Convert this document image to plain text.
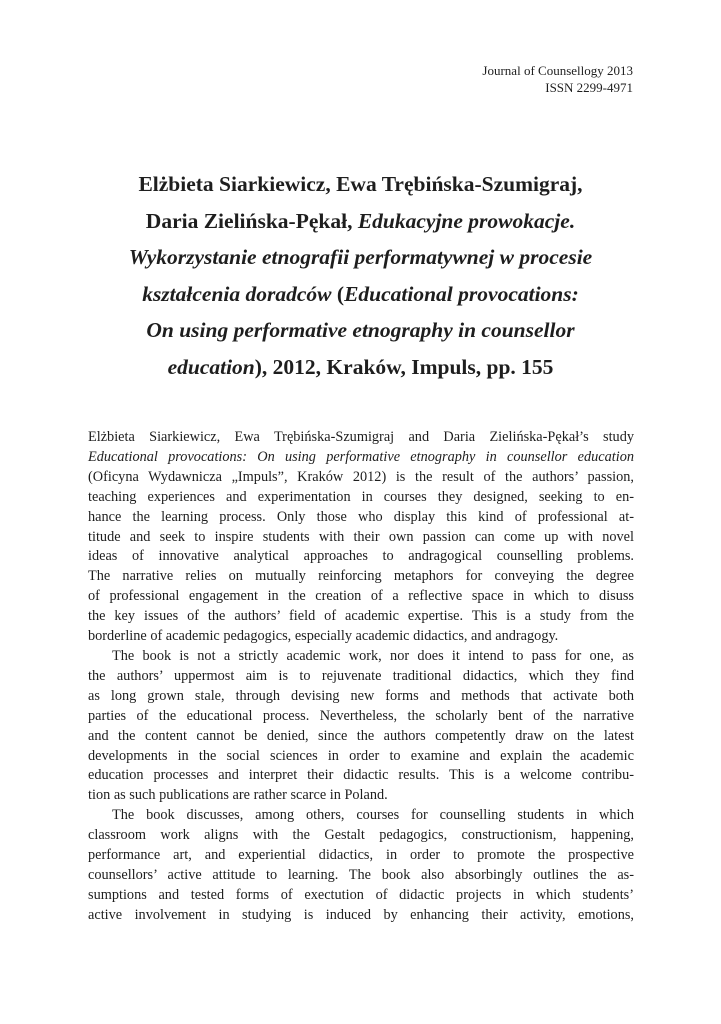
Journal of Counsellogy 2013
ISSN 2299-4971
Elżbieta Siarkiewicz, Ewa Trębińska-Szumigraj,
Daria Zielińska-Pękał, Edukacyjne prowokacje.
Wykorzystanie etnografii performatywnej w procesie
kształcenia doradców (Educational provocations:
On using performative etnography in counsellor
education), 2012, Kraków, Impuls, pp. 155
Elżbieta Siarkiewicz, Ewa Trębińska-Szumigraj and Daria Zielińska-Pękał’s study
Educational provocations: On using performative etnography in counsellor education
(Oficyna Wydawnicza „Impuls”, Kraków 2012) is the result of the authors’ passion,
teaching experiences and experimentation in courses they designed, seeking to en-
hance the learning process. Only those who display this kind of professional at-
titude and seek to inspire students with their own passion can come up with novel
ideas of innovative analytical approaches to andragogical counselling problems.
The narrative relies on mutually reinforcing metaphors for conveying the degree
of professional engagement in the creation of a reflective space in which to disuss
the key issues of the authors’ field of academic expertise. This is a study from the
borderline of academic pedagogics, especially academic didactics, and andragogy.
The book is not a strictly academic work, nor does it intend to pass for one, as
the authors’ uppermost aim is to rejuvenate traditional didactics, which they find
as long grown stale, through devising new forms and methods that activate both
parties of the educational process. Nevertheless, the scholarly bent of the narrative
and the content cannot be denied, since the authors competently draw on the latest
developments in the social sciences in order to examine and explain the academic
education processes and interpret their didactic results. This is a welcome contribu-
tion as such publications are rather scarce in Poland.
The book discusses, among others, courses for counselling students in which
classroom work aligns with the Gestalt pedagogics, constructionism, happening,
performance art, and experiential didactics, in order to promote the prospective
counsellors’ active attitude to learning. The book also absorbingly outlines the as-
sumptions and tested forms of exectution of didactic projects in which students’
active involvement in studying is induced by enhancing their activity, emotions,
